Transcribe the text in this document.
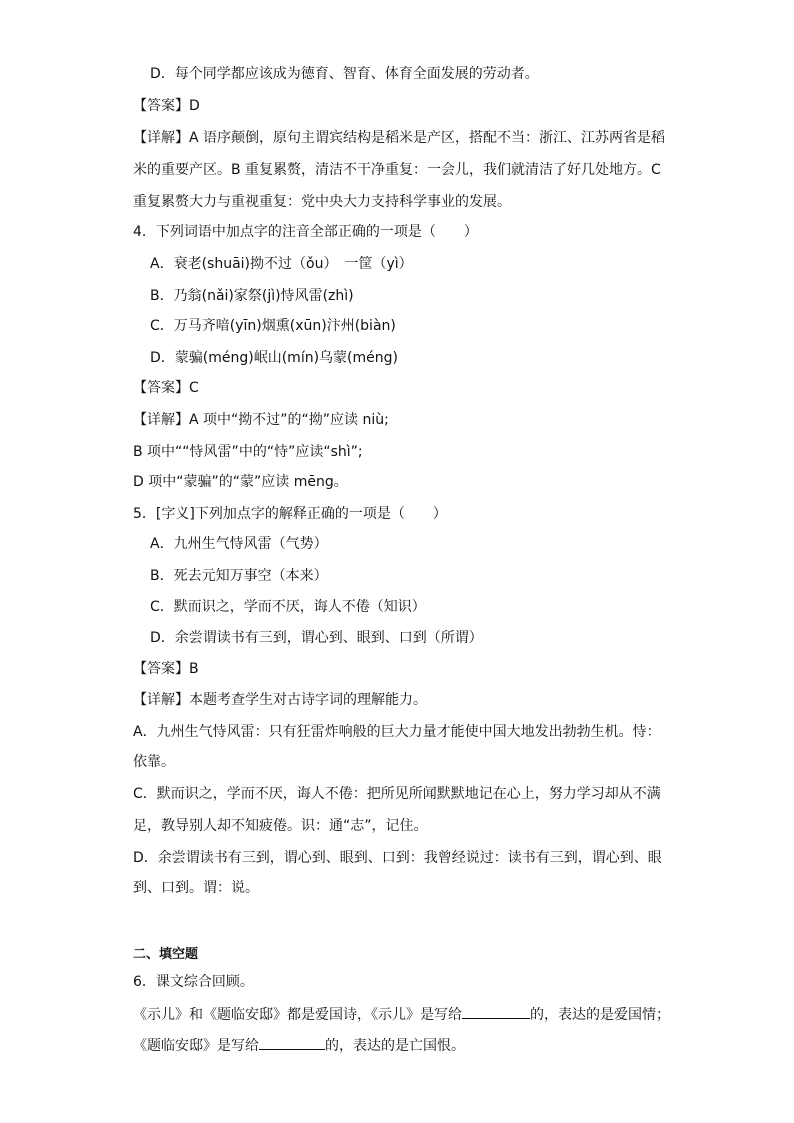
D．每个同学都应该成为德育、智育、体育全面发展的劳动者。
【答案】D
【详解】A 语序颠倒，原句主谓宾结构是稻米是产区，搭配不当：浙江、江苏两省是稻
米的重要产区。B 重复累赘，清洁不干净重复：一会儿，我们就清洁了好几处地方。C
重复累赘大力与重视重复：党中央大力支持科学事业的发展。
4．下列词语中加点字的注音全部正确的一项是（　　）
A．衰老(shuāi)拗不过（ǒu）　一筐（yì）
B．乃翁(nǎi)家祭(jì)恃风雷(zhì)
C．万马齐喑(yīn)烟熏(xūn)汴州(biàn)
D．蒙骗(méng)岷山(mín)乌蒙(méng)
【答案】C
【详解】A 项中“拗不过”的“拗”应读 niù;
B 项中““恃风雷”中的“恃”应读“shì”;
D 项中“蒙骗”的“蒙”应读 mēng。
5．[字义]下列加点字的解释正确的一项是（　　）
A．九州生气恃风雷（气势）
B．死去元知万事空（本来）
C．默而识之，学而不厌，诲人不倦（知识）
D．余尝谓读书有三到，谓心到、眼到、口到（所谓）
【答案】B
【详解】本题考查学生对古诗字词的理解能力。
A．九州生气恃风雷：只有狂雷炸响般的巨大力量才能使中国大地发出勃勃生机。恃：
依靠。
C．默而识之，学而不厌，诲人不倦：把所见所闻默默地记在心上，努力学习却从不满
足，教导别人却不知疲倦。识：通“志”，记住。
D．余尝谓读书有三到，谓心到、眼到、口到：我曾经说过：读书有三到，谓心到、眼
到、口到。谓：说。
二、填空题
6．课文综合回顾。
《示儿》和《题临安邸》都是爱国诗，《示儿》是写给	的，表达的是爱国情；
《题临安邸》是写给	的，表达的是亡国恨。
